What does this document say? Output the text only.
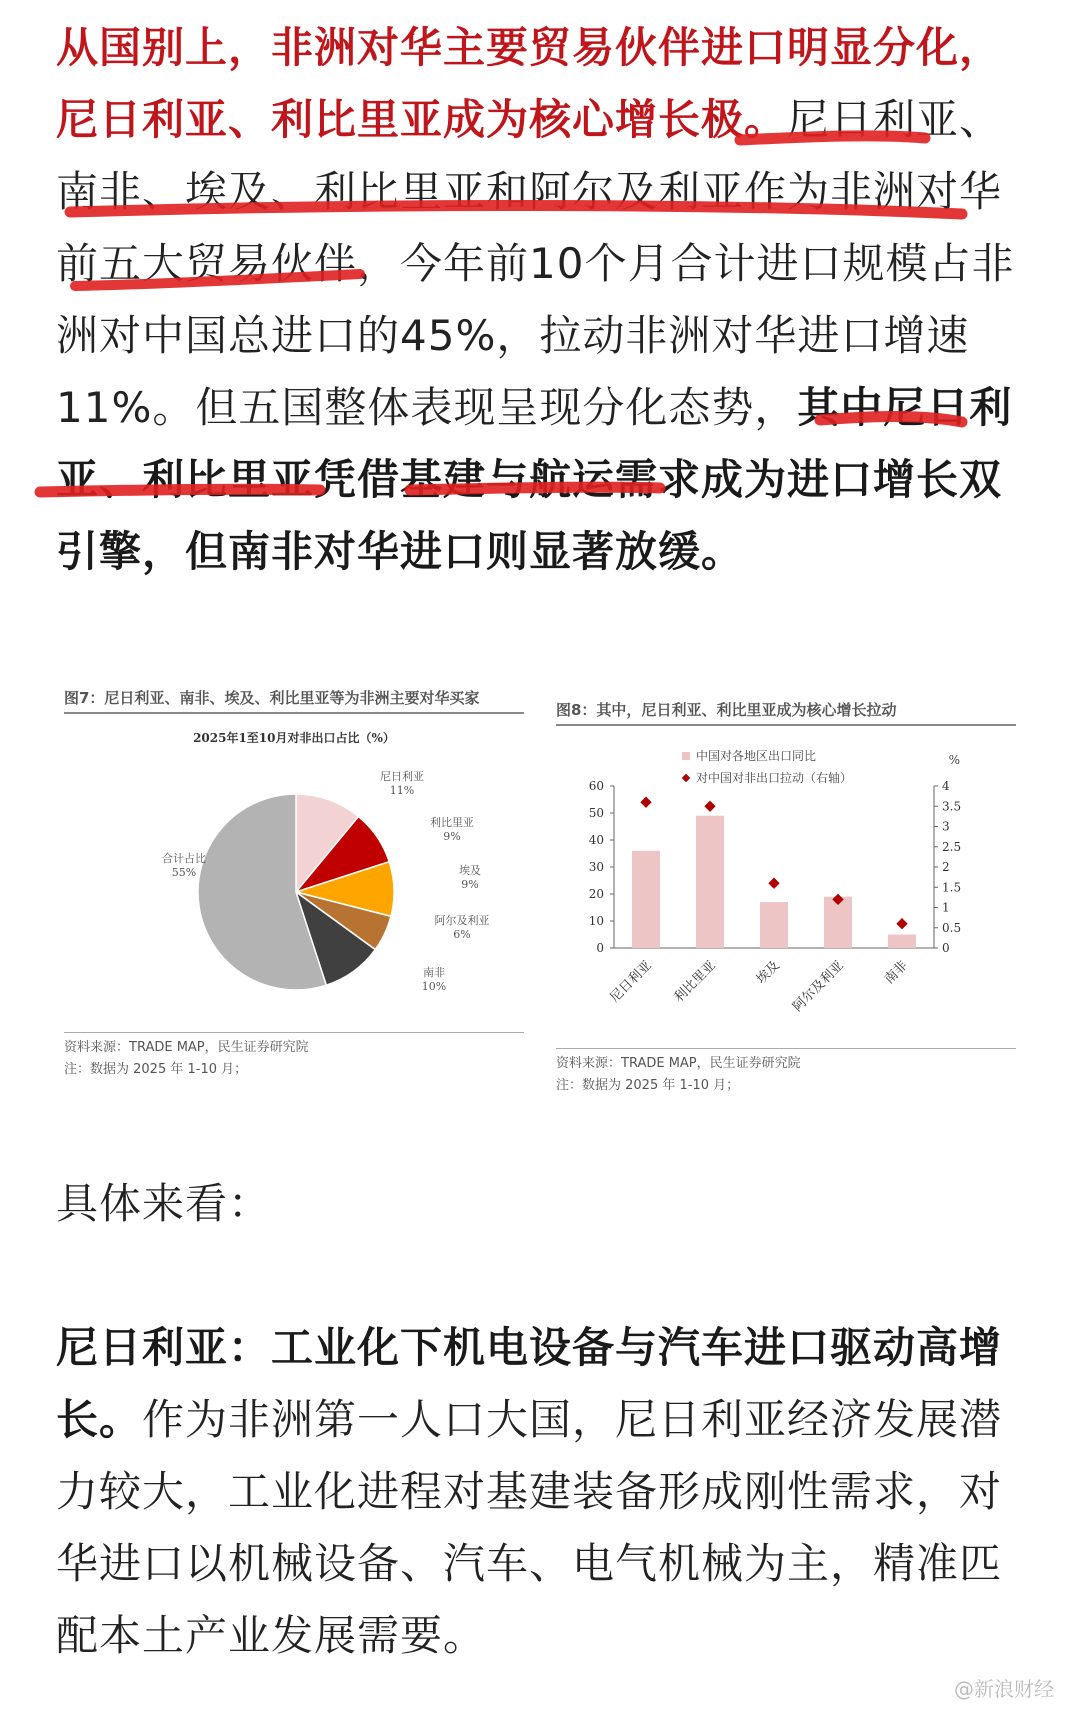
从国别上，非洲对华主要贸易伙伴进口明显分化，尼日利亚、利比里亚成为核心增长极。尼日利亚、南非、埃及、利比里亚和阿尔及利亚作为非洲对华前五大贸易伙伴，今年前10个月合计进口规模占非洲对中国总进口的45%，拉动非洲对华进口增速11%。但五国整体表现呈现分化态势，其中尼日利亚、利比里亚凭借基建与航运需求成为进口增长双引擎，但南非对华进口则显著放缓。

图7：尼日利亚、南非、埃及、利比里亚等为非洲主要对华买家
2025年1至10月对非出口占比（%）
尼日利亚
11%
利比里亚
9%
埃及
9%
阿尔及利亚
6%
南非
10%
合计占比
55%
资料来源：TRADE MAP，民生证券研究院
注：数据为 2025 年 1-10 月；
图8：其中，尼日利亚、利比里亚成为核心增长拉动
中国对各地区出口同比
对中国对非出口拉动（右轴）
%
0
10
20
30
40
50
60
0
0.5
1
1.5
2
2.5
3
3.5
4
尼日利亚 利比里亚	埃及 阿尔及利亚	南非
资料来源：TRADE MAP，民生证券研究院
注：数据为 2025 年 1-10 月；

具体来看：

尼日利亚：工业化下机电设备与汽车进口驱动高增长。作为非洲第一人口大国，尼日利亚经济发展潜力较大，工业化进程对基建装备形成刚性需求，对华进口以机械设备、汽车、电气机械为主，精准匹配本土产业发展需要。

@新浪财经
